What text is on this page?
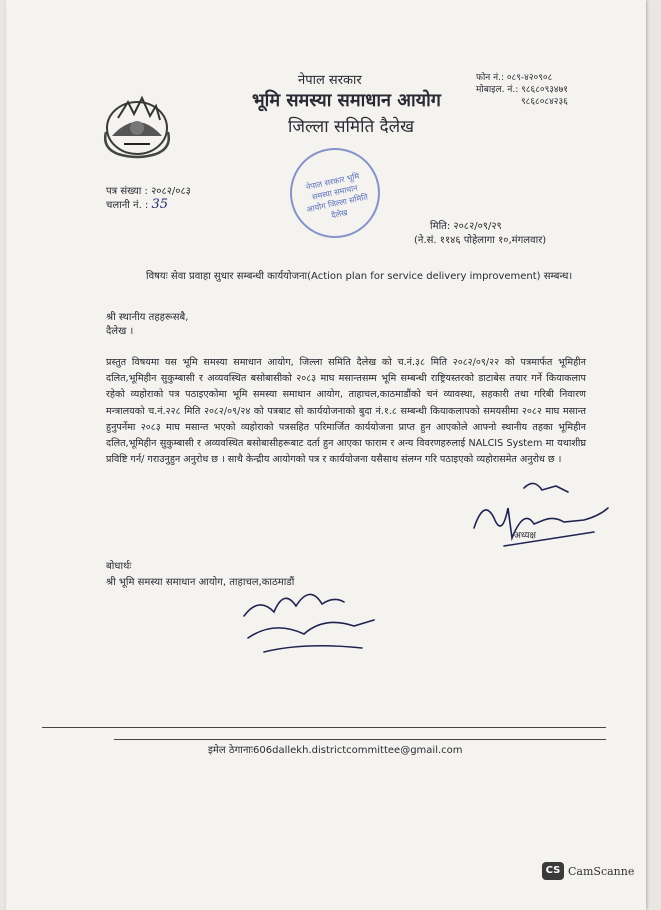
नेपाल सरकार
भूमि समस्या समाधान आयोग
जिल्ला समिति दैलेख
फोन नं.: ०८९-४२०९०८
मोबाइल. नं.: ९८६८०९३४७१
९८६८०८४२३६
पत्र संख्या : २०८२/०८३
चलानी नं. : 35
नेपाल सरकार भूमि समस्या समाधान आयोग जिल्ला समिति दैलेख
मिति: २०८२/०९/२९
(ने.सं. ११४६ पोहेलागा १०,मंगलवार)
विषयः सेवा प्रवाहा सुधार सम्बन्धी कार्ययोजना(Action plan for service delivery improvement) सम्बन्ध।
श्री स्थानीय तहहरूसबै,
दैलेख ।
प्रस्तुत विषयमा यस भूमि समस्या समाधान आयोग, जिल्ला समिति दैलेख को च.नं.३८ मिति २०८२/०९/२२ को पत्रमार्फत भूमिहीन दलित,भूमिहीन सुकुम्बासी र अव्यवस्थित बसोबासीको २०८३ माघ मसान्तसम्म भूमि सम्बन्धी राष्ट्रियस्तरको डाटाबेस तयार गर्ने कियाकलाप रहेको व्यहोराको पत्र पठाइएकोमा भूमि समस्या समाधान आयोग, ताहाचल,काठमाडौंको चनं व्यावस्था, सहकारी तथा गरिबी निवारण मन्त्रालयको च.नं.२२८ मिति २०८२/०९/२४ को पत्रबाट सो कार्ययोजनाको बुदा नं.१.८ सम्बन्धी कियाकलापको समयसीमा २०८२ माघ मसान्त हुनुपर्नेमा २०८३ माघ मसान्त भएको व्यहोराको पत्रसहित परिमार्जित कार्ययोजना प्राप्त हुन आएकोले आफ्नो स्थानीय तहका भूमिहीन दलित,भूमिहीन सुकुम्बासी र अव्यवस्थित बसोबासीहरूबाट दर्ता हुन आएका फाराम र अन्य विवरणहरुलाई NALCIS System मा यथाशीघ्र प्रविष्टि गर्न/ गराउनुहुन अनुरोध छ । साथै केन्द्रीय आयोगको पत्र र कार्ययोजना यसैसाथ संलग्न गरि पठाइएको व्यहोरासमेत अनुरोध छ ।
अध्यक्ष
बोधार्थः
श्री भूमि समस्या समाधान आयोग, ताहाचल,काठमाडौं
इमेल ठेगानाः606dallekh.districtcommittee@gmail.com
CS CamScanne
